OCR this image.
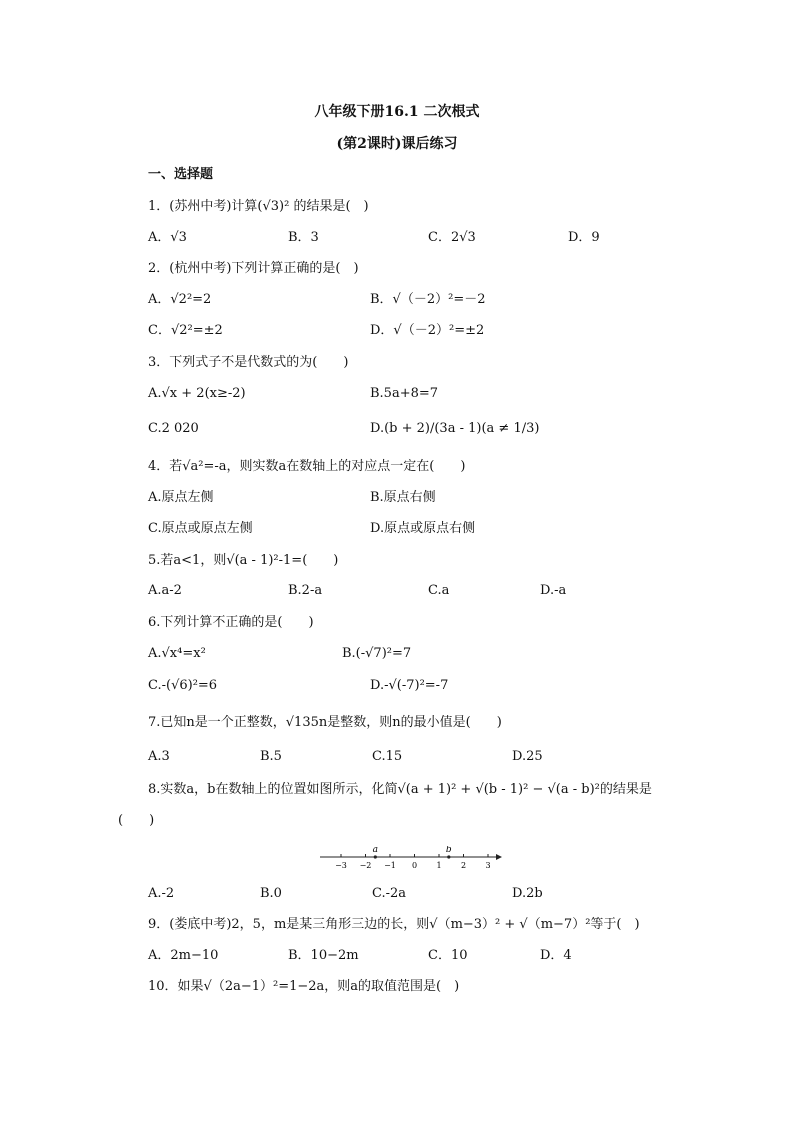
八年级下册16.1 二次根式
(第2课时)课后练习
一、选择题
1．(苏州中考)计算(√3)² 的结果是(　)
A．√3	B．3	C．2√3	D．9
2．(杭州中考)下列计算正确的是(　)
A．√2²=2	B．√（－2）²=－2
C．√2²=±2	D．√（－2）²=±2
3．下列式子不是代数式的为(　　)
A.√x + 2(x≥-2)	B.5a+8=7
C.2 020	D.(b + 2)/(3a - 1)(a ≠ 1/3)
4．若√a²=-a，则实数a在数轴上的对应点一定在(　　)
A.原点左侧	B.原点右侧
C.原点或原点左侧	D.原点或原点右侧
5.若a<1，则√(a - 1)²-1=(　　)
A.a-2	B.2-a	C.a	D.-a
6.下列计算不正确的是(　　)
A.√x⁴=x²	B.(-√7)²=7
C.-(√6)²=6	D.-√(-7)²=-7
7.已知n是一个正整数，√135n是整数，则n的最小值是(　　)
A.3	B.5	C.15	D.25
8.实数a，b在数轴上的位置如图所示，化简√(a + 1)² + √(b - 1)² − √(a - b)²的结果是
(　　)
−3 −2 −1 0 1 2 3
a	b
A.-2	B.0	C.-2a	D.2b
9．(娄底中考)2，5，m是某三角形三边的长，则√（m−3）² + √（m−7）²等于(　)
A．2m−10	B．10−2m	C．10	D．4
10．如果√（2a−1）²=1−2a，则a的取值范围是(　)
